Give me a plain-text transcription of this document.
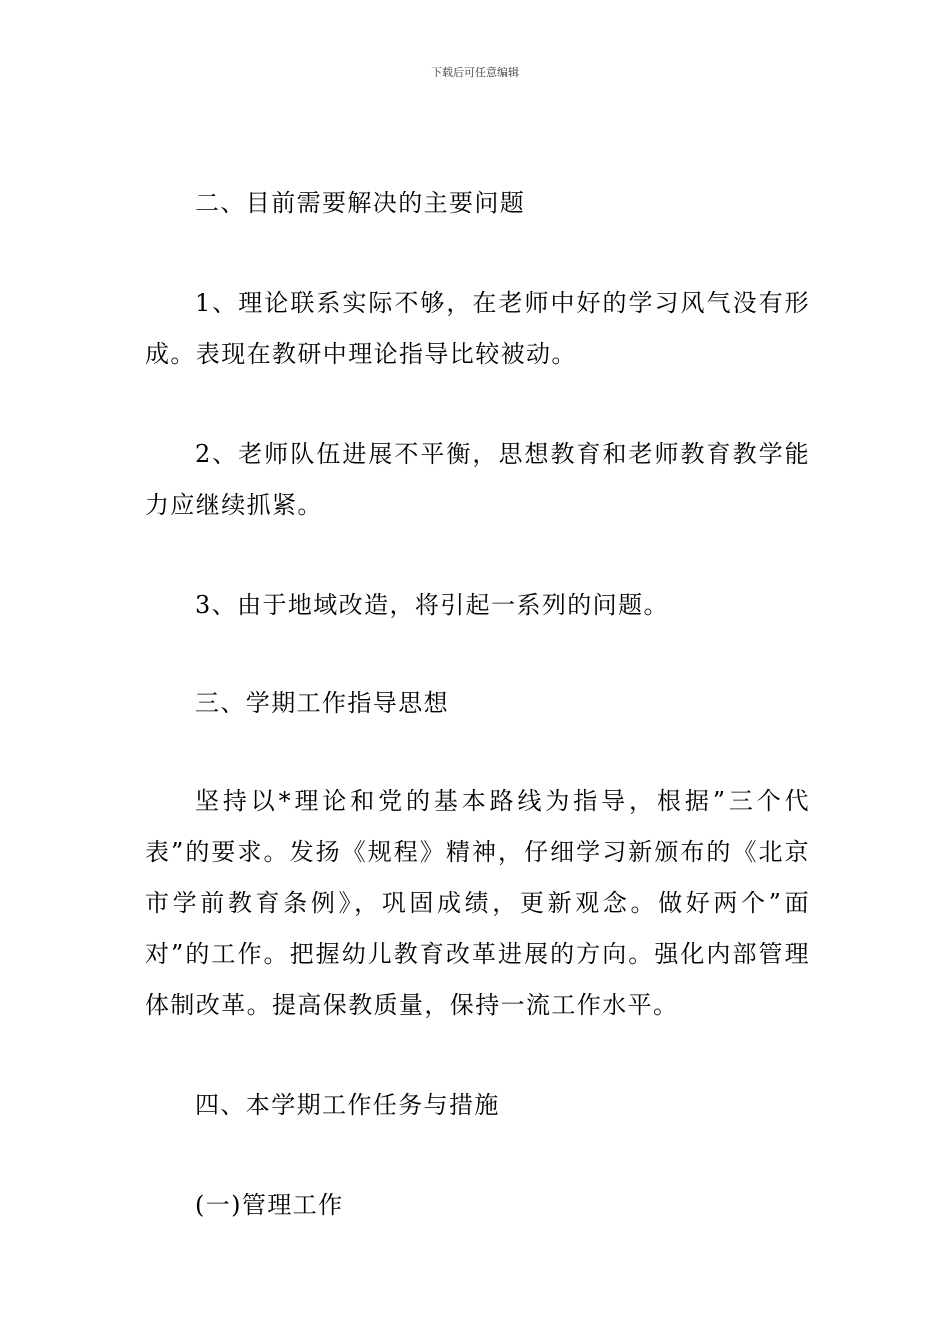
下载后可任意编辑

二、目前需要解决的主要问题

1、理论联系实际不够，在老师中好的学习风气没有形成。表现在教研中理论指导比较被动。

2、老师队伍进展不平衡，思想教育和老师教育教学能力应继续抓紧。

3、由于地域改造，将引起一系列的问题。

三、学期工作指导思想

坚持以*理论和党的基本路线为指导，根据”三个代表”的要求。发扬《规程》精神，仔细学习新颁布的《北京市学前教育条例》，巩固成绩，更新观念。做好两个”面对”的工作。把握幼儿教育改革进展的方向。强化内部管理体制改革。提高保教质量，保持一流工作水平。

四、本学期工作任务与措施

(一)管理工作
